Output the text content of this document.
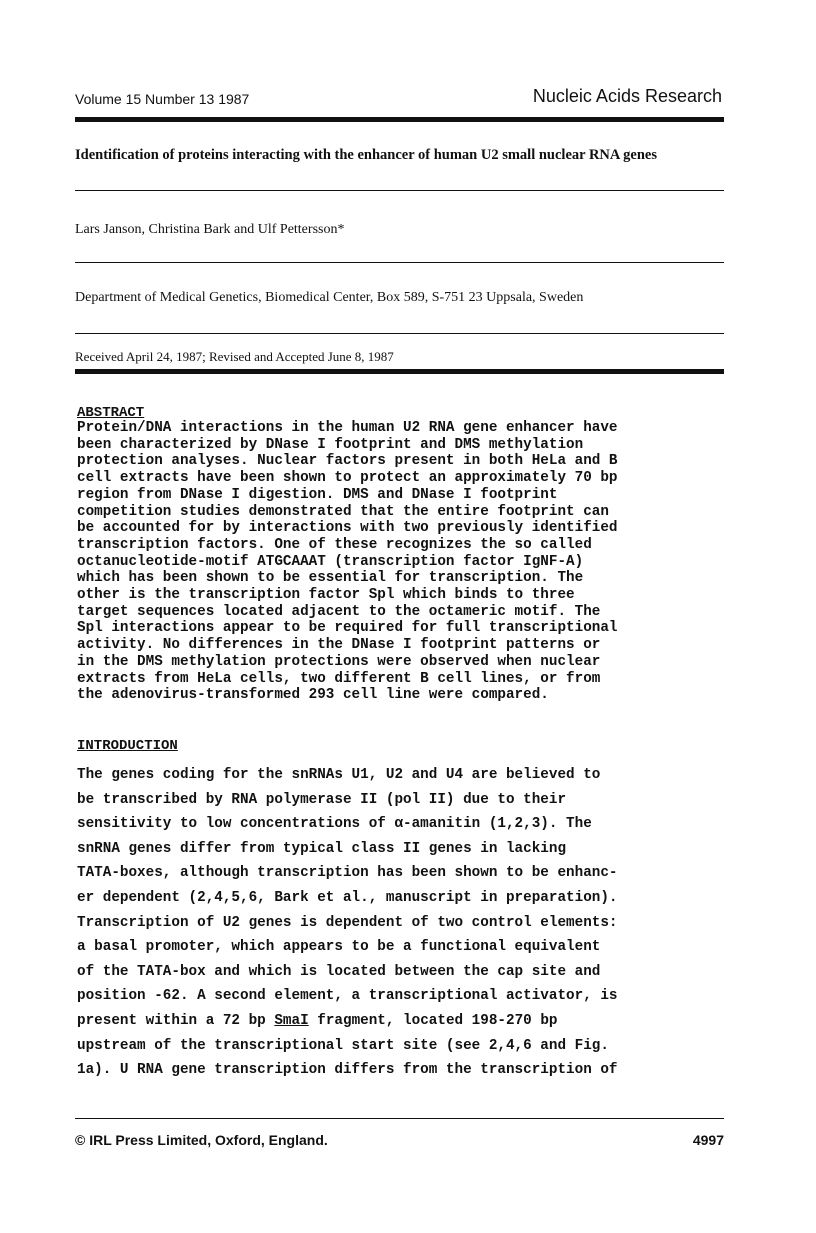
Volume 15 Number 13 1987	Nucleic Acids Research
Identification of proteins interacting with the enhancer of human U2 small nuclear RNA genes
Lars Janson, Christina Bark and Ulf Pettersson*
Department of Medical Genetics, Biomedical Center, Box 589, S-751 23 Uppsala, Sweden
Received April 24, 1987; Revised and Accepted June 8, 1987
ABSTRACT
Protein/DNA interactions in the human U2 RNA gene enhancer have
been characterized by DNase I footprint and DMS methylation
protection analyses. Nuclear factors present in both HeLa and B
cell extracts have been shown to protect an approximately 70 bp
region from DNase I digestion. DMS and DNase I footprint
competition studies demonstrated that the entire footprint can
be accounted for by interactions with two previously identified
transcription factors. One of these recognizes the so called
octanucleotide-motif ATGCAAAT (transcription factor IgNF-A)
which has been shown to be essential for transcription. The
other is the transcription factor Spl which binds to three
target sequences located adjacent to the octameric motif. The
Spl interactions appear to be required for full transcriptional
activity. No differences in the DNase I footprint patterns or
in the DMS methylation protections were observed when nuclear
extracts from HeLa cells, two different B cell lines, or from
the adenovirus-transformed 293 cell line were compared.
INTRODUCTION
The genes coding for the snRNAs U1, U2 and U4 are believed to
be transcribed by RNA polymerase II (pol II) due to their
sensitivity to low concentrations of α-amanitin (1,2,3). The
snRNA genes differ from typical class II genes in lacking
TATA-boxes, although transcription has been shown to be enhanc-
er dependent (2,4,5,6, Bark et al., manuscript in preparation).
Transcription of U2 genes is dependent of two control elements:
a basal promoter, which appears to be a functional equivalent
of the TATA-box and which is located between the cap site and
position -62. A second element, a transcriptional activator, is
present within a 72 bp SmaI fragment, located 198-270 bp
upstream of the transcriptional start site (see 2,4,6 and Fig.
1a). U RNA gene transcription differs from the transcription of
© IRL Press Limited, Oxford, England.	4997
